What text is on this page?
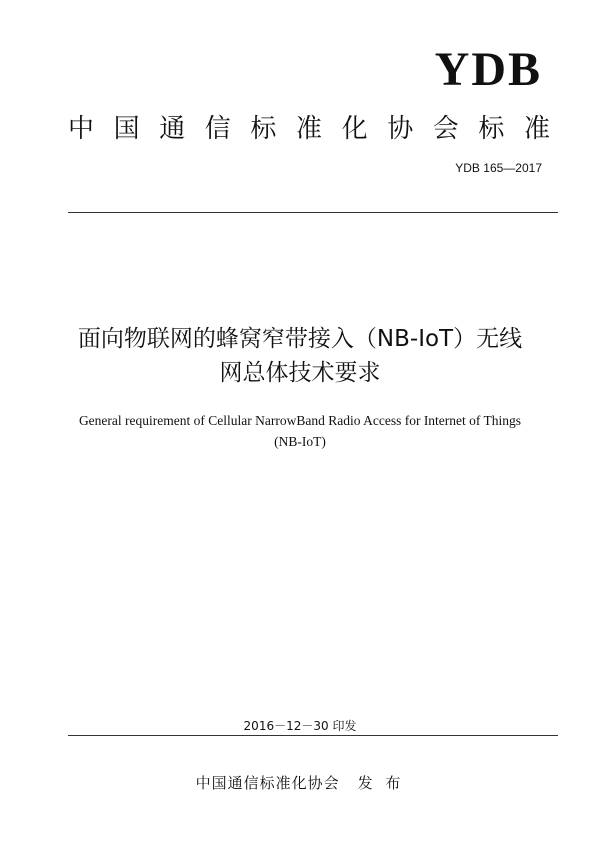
YDB
中国通信标准化协会标准
YDB 165—2017
面向物联网的蜂窝窄带接入（NB-IoT）无线
网总体技术要求
General requirement of Cellular NarrowBand Radio Access for Internet of Things
(NB-IoT)
2016－12－30 印发
中国通信标准化协会 发 布
